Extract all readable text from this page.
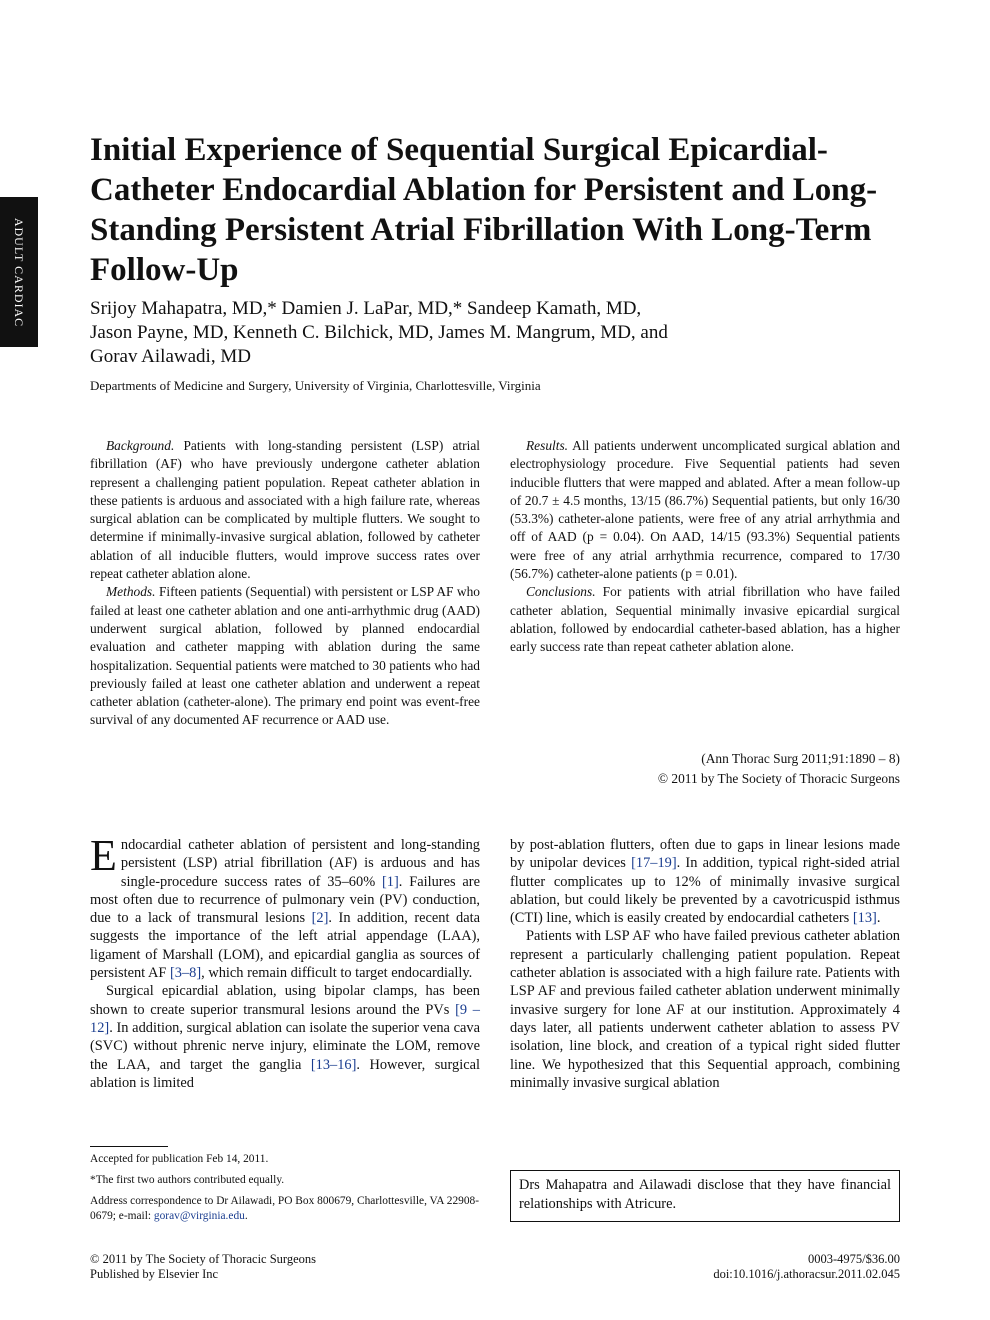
ADULT CARDIAC
Initial Experience of Sequential Surgical Epicardial-Catheter Endocardial Ablation for Persistent and Long-Standing Persistent Atrial Fibrillation With Long-Term Follow-Up
Srijoy Mahapatra, MD,* Damien J. LaPar, MD,* Sandeep Kamath, MD,
Jason Payne, MD, Kenneth C. Bilchick, MD, James M. Mangrum, MD, and
Gorav Ailawadi, MD
Departments of Medicine and Surgery, University of Virginia, Charlottesville, Virginia

Background. Patients with long-standing persistent (LSP) atrial fibrillation (AF) who have previously undergone catheter ablation represent a challenging patient population. Repeat catheter ablation in these patients is arduous and associated with a high failure rate, whereas surgical ablation can be complicated by multiple flutters. We sought to determine if minimally-invasive surgical ablation, followed by catheter ablation of all inducible flutters, would improve success rates over repeat catheter ablation alone.

Methods. Fifteen patients (Sequential) with persistent or LSP AF who failed at least one catheter ablation and one anti-arrhythmic drug (AAD) underwent surgical ablation, followed by planned endocardial evaluation and catheter mapping with ablation during the same hospitalization. Sequential patients were matched to 30 patients who had previously failed at least one catheter ablation and underwent a repeat catheter ablation (catheter-alone). The primary end point was event-free survival of any documented AF recurrence or AAD use.

Results. All patients underwent uncomplicated surgical ablation and electrophysiology procedure. Five Sequential patients had seven inducible flutters that were mapped and ablated. After a mean follow-up of 20.7 ± 4.5 months, 13/15 (86.7%) Sequential patients, but only 16/30 (53.3%) catheter-alone patients, were free of any atrial arrhythmia and off of AAD (p = 0.04). On AAD, 14/15 (93.3%) Sequential patients were free of any atrial arrhythmia recurrence, compared to 17/30 (56.7%) catheter-alone patients (p = 0.01).

Conclusions. For patients with atrial fibrillation who have failed catheter ablation, Sequential minimally invasive epicardial surgical ablation, followed by endocardial catheter-based ablation, has a higher early success rate than repeat catheter ablation alone.

(Ann Thorac Surg 2011;91:1890 – 8)
© 2011 by The Society of Thoracic Surgeons

Endocardial catheter ablation of persistent and long-standing persistent (LSP) atrial fibrillation (AF) is arduous and has single-procedure success rates of 35–60% [1]. Failures are most often due to recurrence of pulmonary vein (PV) conduction, due to a lack of transmural lesions [2]. In addition, recent data suggests the importance of the left atrial appendage (LAA), ligament of Marshall (LOM), and epicardial ganglia as sources of persistent AF [3–8], which remain difficult to target endocardially.

Surgical epicardial ablation, using bipolar clamps, has been shown to create superior transmural lesions around the PVs [9 –12]. In addition, surgical ablation can isolate the superior vena cava (SVC) without phrenic nerve injury, eliminate the LOM, remove the LAA, and target the ganglia [13–16]. However, surgical ablation is limited

by post-ablation flutters, often due to gaps in linear lesions made by unipolar devices [17–19]. In addition, typical right-sided atrial flutter complicates up to 12% of minimally invasive surgical ablation, but could likely be prevented by a cavotricuspid isthmus (CTI) line, which is easily created by endocardial catheters [13].

Patients with LSP AF who have failed previous catheter ablation represent a particularly challenging patient population. Repeat catheter ablation is associated with a high failure rate. Patients with LSP AF and previous failed catheter ablation underwent minimally invasive surgery for lone AF at our institution. Approximately 4 days later, all patients underwent catheter ablation to assess PV isolation, line block, and creation of a typical right sided flutter line. We hypothesized that this Sequential approach, combining minimally invasive surgical ablation

Accepted for publication Feb 14, 2011.

*The first two authors contributed equally.

Address correspondence to Dr Ailawadi, PO Box 800679, Charlottesville, VA 22908-0679; e-mail: gorav@virginia.edu.

Drs Mahapatra and Ailawadi disclose that they have financial relationships with Atricure.
© 2011 by The Society of Thoracic Surgeons
Published by Elsevier Inc
0003-4975/$36.00
doi:10.1016/j.athoracsur.2011.02.045
